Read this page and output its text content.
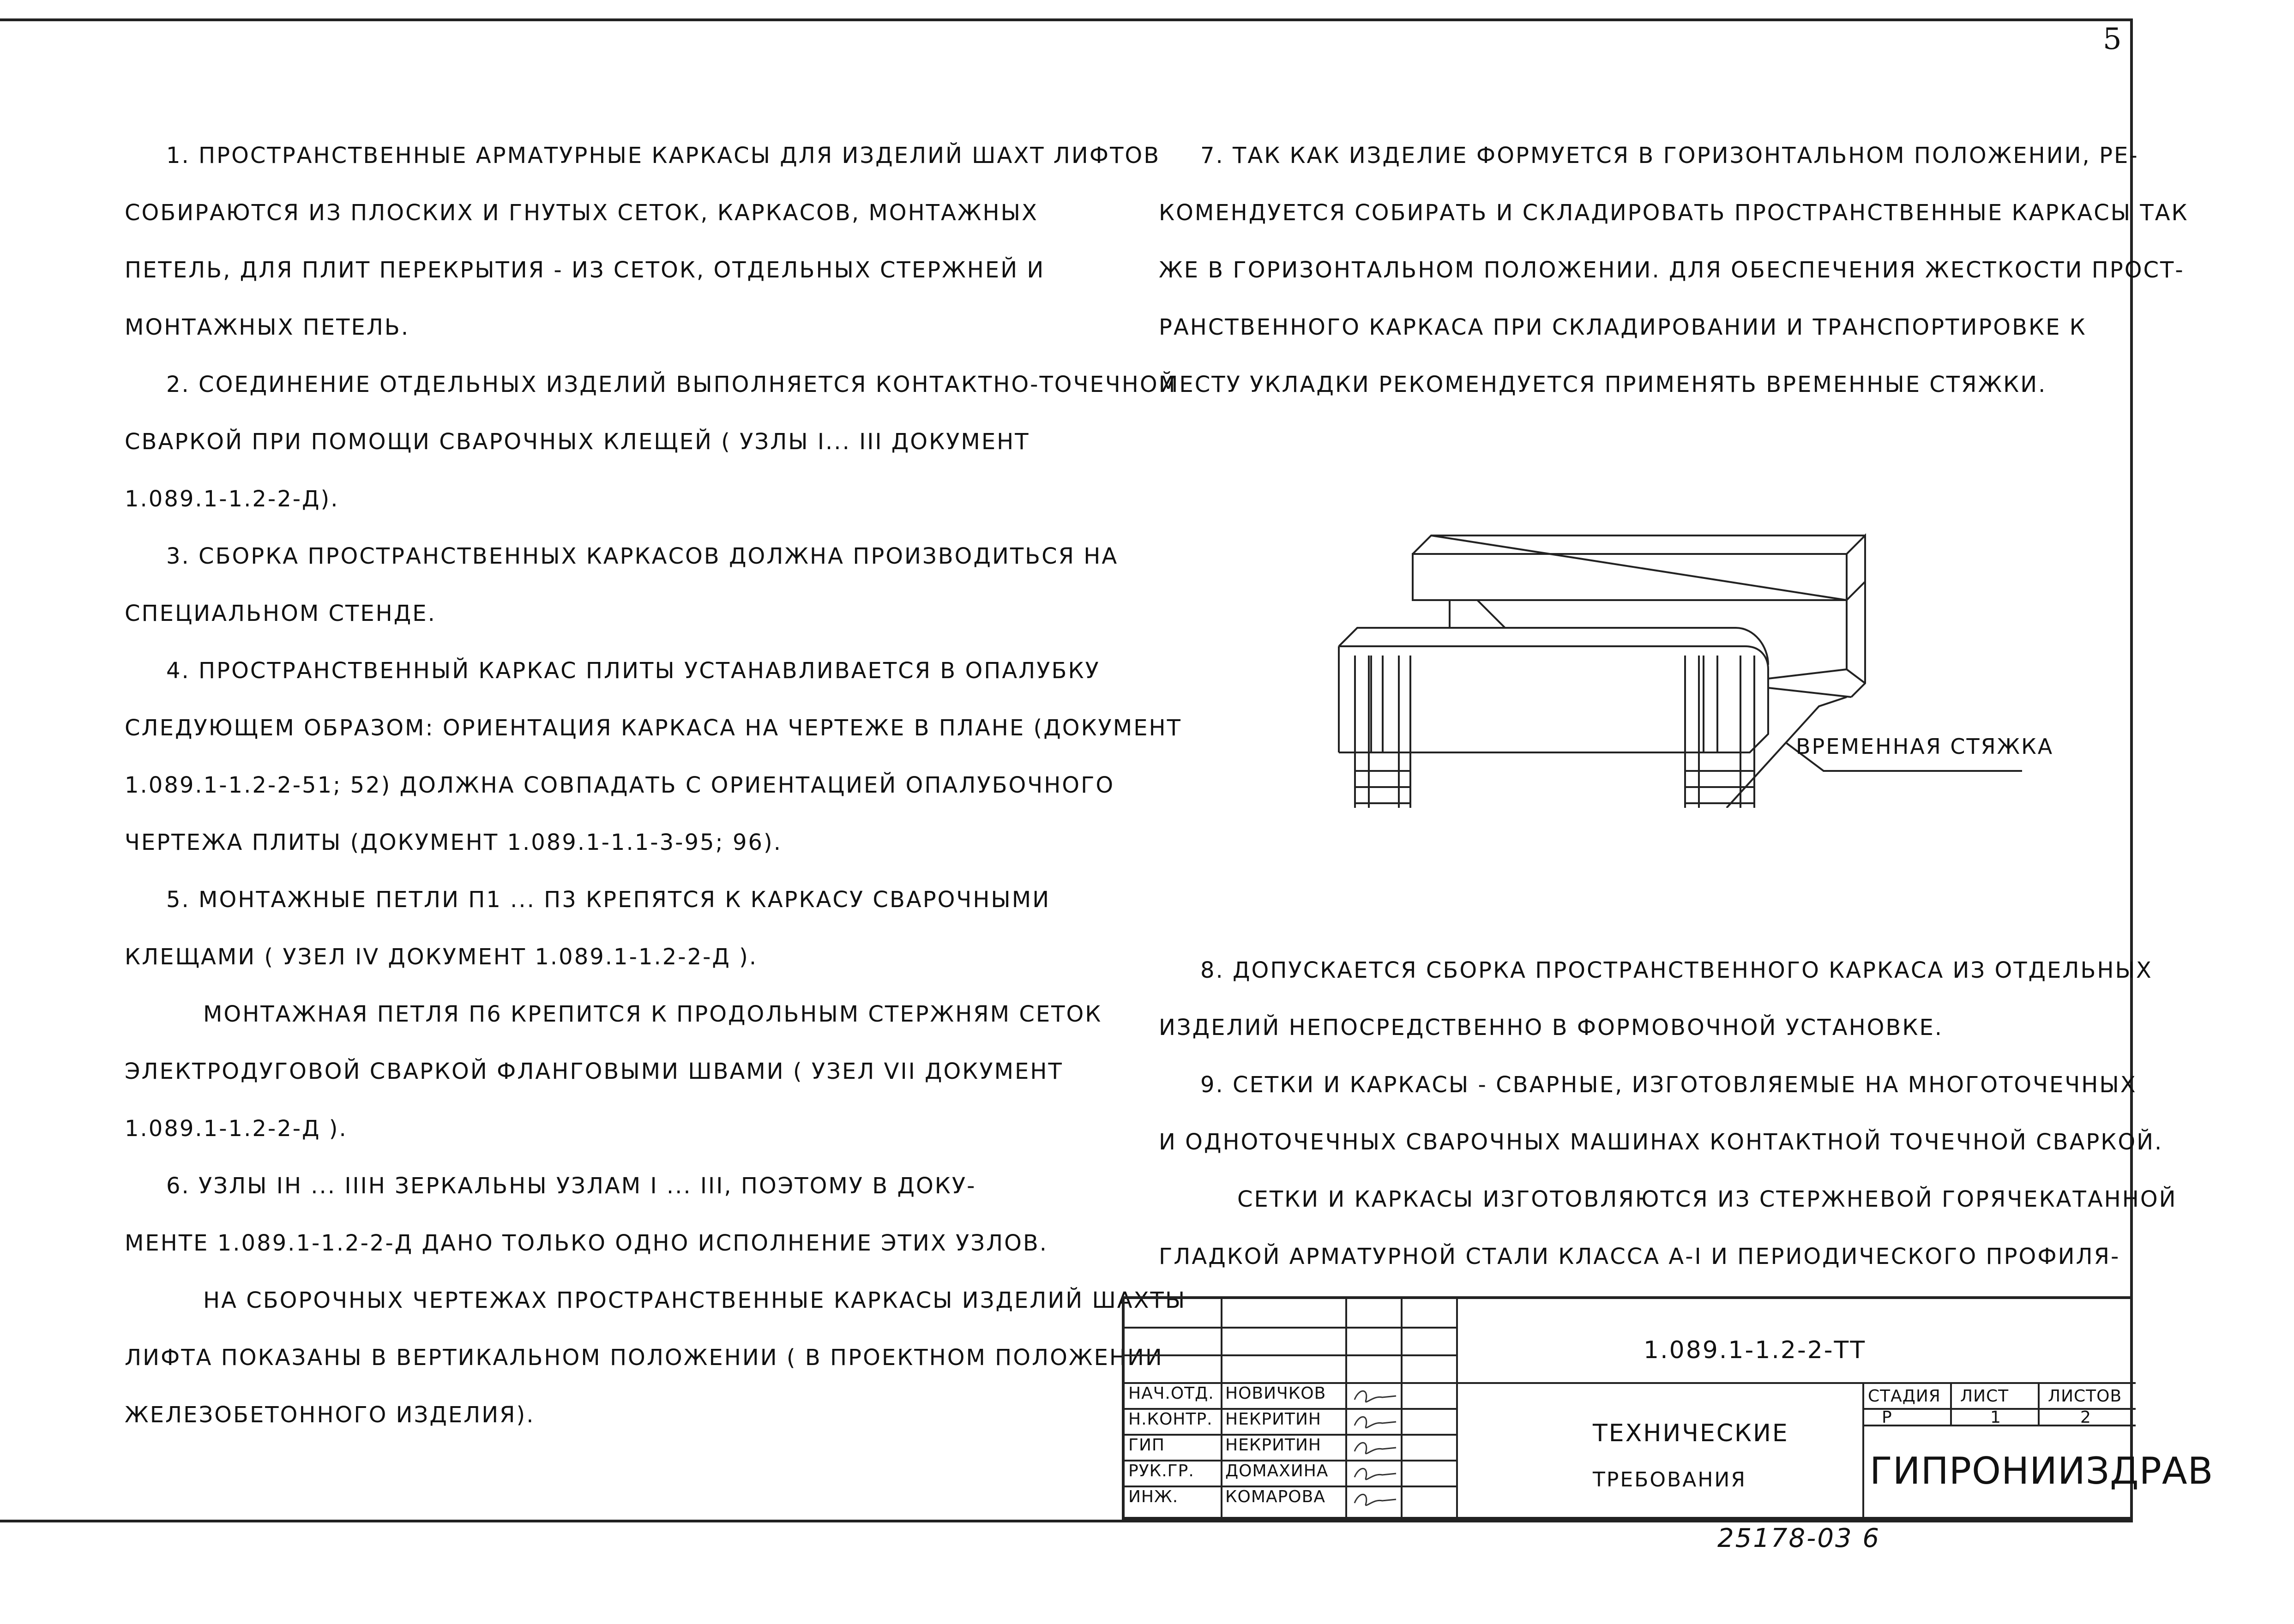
5

1. ПРОСТРАНСТВЕННЫЕ АРМАТУРНЫЕ КАРКАСЫ ДЛЯ ИЗДЕЛИЙ ШАХТ ЛИФТОВ

СОБИРАЮТСЯ ИЗ ПЛОСКИХ И ГНУТЫХ СЕТОК, КАРКАСОВ, МОНТАЖНЫХ

ПЕТЕЛЬ, ДЛЯ ПЛИТ ПЕРЕКРЫТИЯ - ИЗ СЕТОК, ОТДЕЛЬНЫХ СТЕРЖНЕЙ И

МОНТАЖНЫХ ПЕТЕЛЬ.

2. СОЕДИНЕНИЕ ОТДЕЛЬНЫХ ИЗДЕЛИЙ ВЫПОЛНЯЕТСЯ КОНТАКТНО-ТОЧЕЧНОЙ

СВАРКОЙ ПРИ ПОМОЩИ СВАРОЧНЫХ КЛЕЩЕЙ ( УЗЛЫ I... III ДОКУМЕНТ

1.089.1-1.2-2-Д).

3. СБОРКА ПРОСТРАНСТВЕННЫХ КАРКАСОВ ДОЛЖНА ПРОИЗВОДИТЬСЯ НА

СПЕЦИАЛЬНОМ СТЕНДЕ.

4. ПРОСТРАНСТВЕННЫЙ КАРКАС ПЛИТЫ УСТАНАВЛИВАЕТСЯ В ОПАЛУБКУ

СЛЕДУЮЩЕМ ОБРАЗОМ: ОРИЕНТАЦИЯ КАРКАСА НА ЧЕРТЕЖЕ В ПЛАНЕ (ДОКУМЕНТ

1.089.1-1.2-2-51; 52) ДОЛЖНА СОВПАДАТЬ С ОРИЕНТАЦИЕЙ ОПАЛУБОЧНОГО

ЧЕРТЕЖА ПЛИТЫ (ДОКУМЕНТ 1.089.1-1.1-3-95; 96).

5. МОНТАЖНЫЕ ПЕТЛИ П1 ... П3 КРЕПЯТСЯ К КАРКАСУ СВАРОЧНЫМИ

КЛЕЩАМИ ( УЗЕЛ IV ДОКУМЕНТ 1.089.1-1.2-2-Д ).

МОНТАЖНАЯ ПЕТЛЯ П6 КРЕПИТСЯ К ПРОДОЛЬНЫМ СТЕРЖНЯМ СЕТОК

ЭЛЕКТРОДУГОВОЙ СВАРКОЙ ФЛАНГОВЫМИ ШВАМИ ( УЗЕЛ VII ДОКУМЕНТ

1.089.1-1.2-2-Д ).

6. УЗЛЫ IН ... IIIН ЗЕРКАЛЬНЫ УЗЛАМ I ... III, ПОЭТОМУ В ДОКУ-

МЕНТЕ 1.089.1-1.2-2-Д ДАНО ТОЛЬКО ОДНО ИСПОЛНЕНИЕ ЭТИХ УЗЛОВ.

НА СБОРОЧНЫХ ЧЕРТЕЖАХ ПРОСТРАНСТВЕННЫЕ КАРКАСЫ ИЗДЕЛИЙ ШАХТЫ

ЛИФТА ПОКАЗАНЫ В ВЕРТИКАЛЬНОМ ПОЛОЖЕНИИ ( В ПРОЕКТНОМ ПОЛОЖЕНИИ

ЖЕЛЕЗОБЕТОННОГО ИЗДЕЛИЯ).

7. ТАК КАК ИЗДЕЛИЕ ФОРМУЕТСЯ В ГОРИЗОНТАЛЬНОМ ПОЛОЖЕНИИ, РЕ-

КОМЕНДУЕТСЯ СОБИРАТЬ И СКЛАДИРОВАТЬ ПРОСТРАНСТВЕННЫЕ КАРКАСЫ ТАК

ЖЕ В ГОРИЗОНТАЛЬНОМ ПОЛОЖЕНИИ. ДЛЯ ОБЕСПЕЧЕНИЯ ЖЕСТКОСТИ ПРОСТ-

РАНСТВЕННОГО КАРКАСА ПРИ СКЛАДИРОВАНИИ И ТРАНСПОРТИРОВКЕ К

МЕСТУ УКЛАДКИ РЕКОМЕНДУЕТСЯ ПРИМЕНЯТЬ ВРЕМЕННЫЕ СТЯЖКИ.

ВРЕМЕННАЯ СТЯЖКА

8. ДОПУСКАЕТСЯ СБОРКА ПРОСТРАНСТВЕННОГО КАРКАСА ИЗ ОТДЕЛЬНЫХ

ИЗДЕЛИЙ НЕПОСРЕДСТВЕННО В ФОРМОВОЧНОЙ УСТАНОВКЕ.

9. СЕТКИ И КАРКАСЫ - СВАРНЫЕ, ИЗГОТОВЛЯЕМЫЕ НА МНОГОТОЧЕЧНЫХ

И ОДНОТОЧЕЧНЫХ СВАРОЧНЫХ МАШИНАХ КОНТАКТНОЙ ТОЧЕЧНОЙ СВАРКОЙ.

СЕТКИ И КАРКАСЫ ИЗГОТОВЛЯЮТСЯ ИЗ СТЕРЖНЕВОЙ ГОРЯЧЕКАТАННОЙ

ГЛАДКОЙ АРМАТУРНОЙ СТАЛИ КЛАССА А-I И ПЕРИОДИЧЕСКОГО ПРОФИЛЯ-

НАЧ.ОТД. НОВИЧКОВ
Н.КОНТР. НЕКРИТИН
ГИП	НЕКРИТИН
РУК.ГР. ДОМАХИНА
ИНЖ.	КОМАРОВА
СТАДИЯ ЛИСТ ЛИСТОВ
Р	1	2
1.089.1-1.2-2-ТТ
ТЕХНИЧЕСКИЕ
ТРЕБОВАНИЯ	ГИПРОНИИЗДРАВ
25178-03 6
